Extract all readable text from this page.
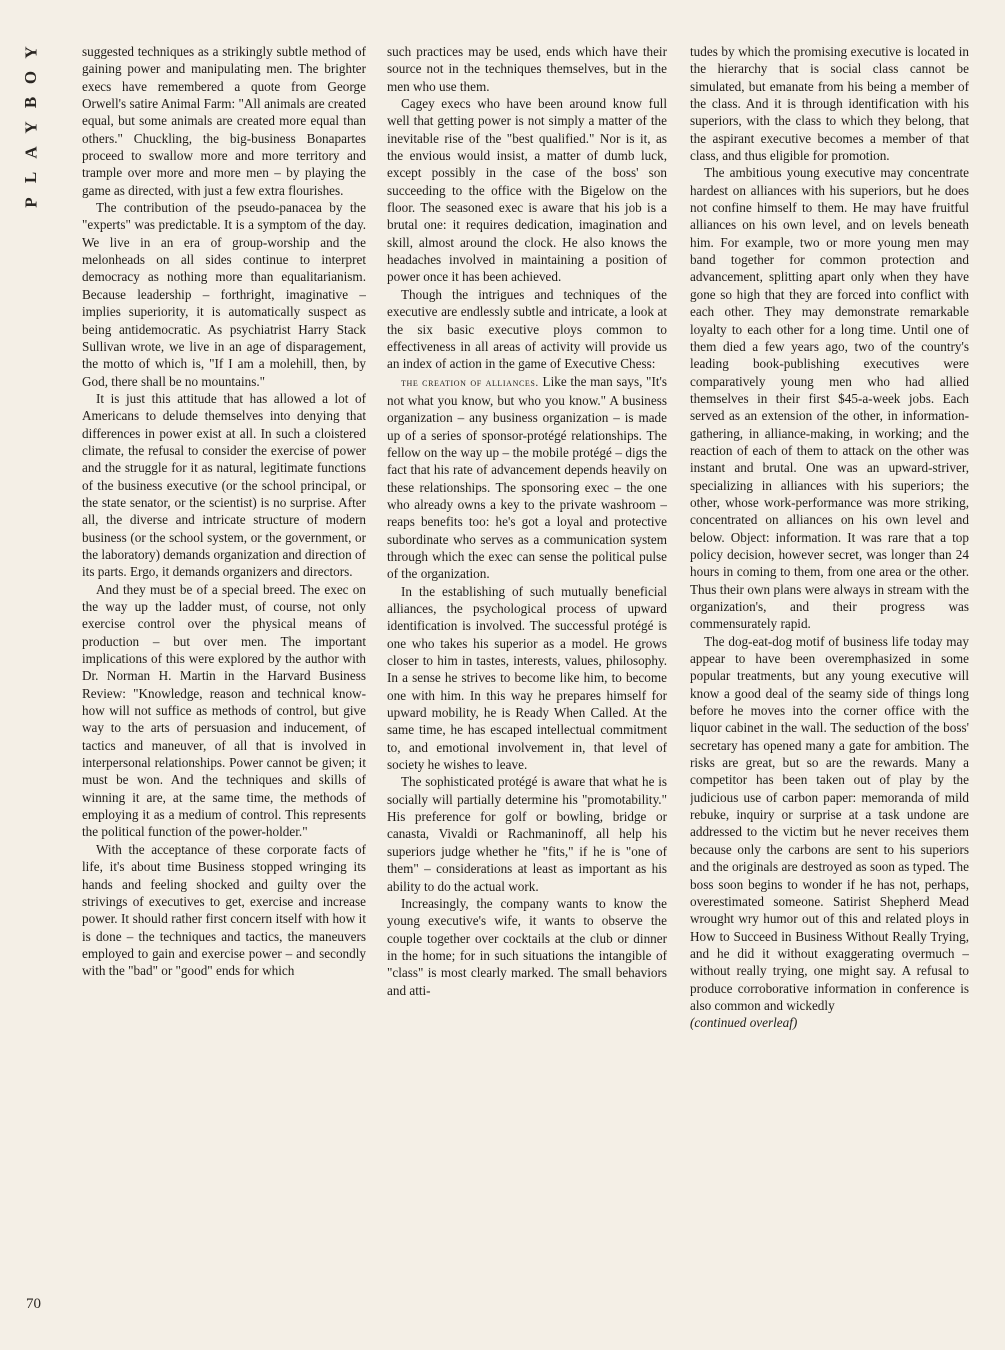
Y
O
B
Y
A
L
P
70

suggested techniques as a strikingly subtle method of gaining power and manipulating men. The brighter execs have remembered a quote from George Orwell's satire Animal Farm: "All animals are created equal, but some animals are created more equal than others." Chuckling, the big-business Bonapartes proceed to swallow more and more territory and trample over more and more men – by playing the game as directed, with just a few extra flourishes.

The contribution of the pseudo-panacea by the "experts" was predictable. It is a symptom of the day. We live in an era of group-worship and the melonheads on all sides continue to interpret democracy as nothing more than equalitarianism. Because leadership – forthright, imaginative – implies superiority, it is automatically suspect as being antidemocratic. As psychiatrist Harry Stack Sullivan wrote, we live in an age of disparagement, the motto of which is, "If I am a molehill, then, by God, there shall be no mountains."

It is just this attitude that has allowed a lot of Americans to delude themselves into denying that differences in power exist at all. In such a cloistered climate, the refusal to consider the exercise of power and the struggle for it as natural, legitimate functions of the business executive (or the school principal, or the state senator, or the scientist) is no surprise. After all, the diverse and intricate structure of modern business (or the school system, or the government, or the laboratory) demands organization and direction of its parts. Ergo, it demands organizers and directors.

And they must be of a special breed. The exec on the way up the ladder must, of course, not only exercise control over the physical means of production – but over men. The important implications of this were explored by the author with Dr. Norman H. Martin in the Harvard Business Review: "Knowledge, reason and technical know-how will not suffice as methods of control, but give way to the arts of persuasion and inducement, of tactics and maneuver, of all that is involved in interpersonal relationships. Power cannot be given; it must be won. And the techniques and skills of winning it are, at the same time, the methods of employing it as a medium of control. This represents the political function of the power-holder."

With the acceptance of these corporate facts of life, it's about time Business stopped wringing its hands and feeling shocked and guilty over the strivings of executives to get, exercise and increase power. It should rather first concern itself with how it is done – the techniques and tactics, the maneuvers employed to gain and exercise power – and secondly with the "bad" or "good" ends for which

such practices may be used, ends which have their source not in the techniques themselves, but in the men who use them.

Cagey execs who have been around know full well that getting power is not simply a matter of the inevitable rise of the "best qualified." Nor is it, as the envious would insist, a matter of dumb luck, except possibly in the case of the boss' son succeeding to the office with the Bigelow on the floor. The seasoned exec is aware that his job is a brutal one: it requires dedication, imagination and skill, almost around the clock. He also knows the headaches involved in maintaining a position of power once it has been achieved.

Though the intrigues and techniques of the executive are endlessly subtle and intricate, a look at the six basic executive ploys common to effectiveness in all areas of activity will provide us an index of action in the game of Executive Chess:

the creation of alliances. Like the man says, "It's not what you know, but who you know." A business organization – any business organization – is made up of a series of sponsor-protégé relationships. The fellow on the way up – the mobile protégé – digs the fact that his rate of advancement depends heavily on these relationships. The sponsoring exec – the one who already owns a key to the private washroom – reaps benefits too: he's got a loyal and protective subordinate who serves as a communication system through which the exec can sense the political pulse of the organization.

In the establishing of such mutually beneficial alliances, the psychological process of upward identification is involved. The successful protégé is one who takes his superior as a model. He grows closer to him in tastes, interests, values, philosophy. In a sense he strives to become like him, to become one with him. In this way he prepares himself for upward mobility, he is Ready When Called. At the same time, he has escaped intellectual commitment to, and emotional involvement in, that level of society he wishes to leave.

The sophisticated protégé is aware that what he is socially will partially determine his "promotability." His preference for golf or bowling, bridge or canasta, Vivaldi or Rachmaninoff, all help his superiors judge whether he "fits," if he is "one of them" – considerations at least as important as his ability to do the actual work.

Increasingly, the company wants to know the young executive's wife, it wants to observe the couple together over cocktails at the club or dinner in the home; for in such situations the intangible of "class" is most clearly marked. The small behaviors and atti-

tudes by which the promising executive is located in the hierarchy that is social class cannot be simulated, but emanate from his being a member of the class. And it is through identification with his superiors, with the class to which they belong, that the aspirant executive becomes a member of that class, and thus eligible for promotion.

The ambitious young executive may concentrate hardest on alliances with his superiors, but he does not confine himself to them. He may have fruitful alliances on his own level, and on levels beneath him. For example, two or more young men may band together for common protection and advancement, splitting apart only when they have gone so high that they are forced into conflict with each other. They may demonstrate remarkable loyalty to each other for a long time. Until one of them died a few years ago, two of the country's leading book-publishing executives were comparatively young men who had allied themselves in their first $45-a-week jobs. Each served as an extension of the other, in information-gathering, in alliance-making, in working; and the reaction of each of them to attack on the other was instant and brutal. One was an upward-striver, specializing in alliances with his superiors; the other, whose work-performance was more striking, concentrated on alliances on his own level and below. Object: information. It was rare that a top policy decision, however secret, was longer than 24 hours in coming to them, from one area or the other. Thus their own plans were always in stream with the organization's, and their progress was commensurately rapid.

The dog-eat-dog motif of business life today may appear to have been overemphasized in some popular treatments, but any young executive will know a good deal of the seamy side of things long before he moves into the corner office with the liquor cabinet in the wall. The seduction of the boss' secretary has opened many a gate for ambition. The risks are great, but so are the rewards. Many a competitor has been taken out of play by the judicious use of carbon paper: memoranda of mild rebuke, inquiry or surprise at a task undone are addressed to the victim but he never receives them because only the carbons are sent to his superiors and the originals are destroyed as soon as typed. The boss soon begins to wonder if he has not, perhaps, overestimated someone. Satirist Shepherd Mead wrought wry humor out of this and related ploys in How to Succeed in Business Without Really Trying, and he did it without exaggerating overmuch – without really trying, one might say. A refusal to produce corroborative information in conference is also common and wickedly

(continued overleaf)
